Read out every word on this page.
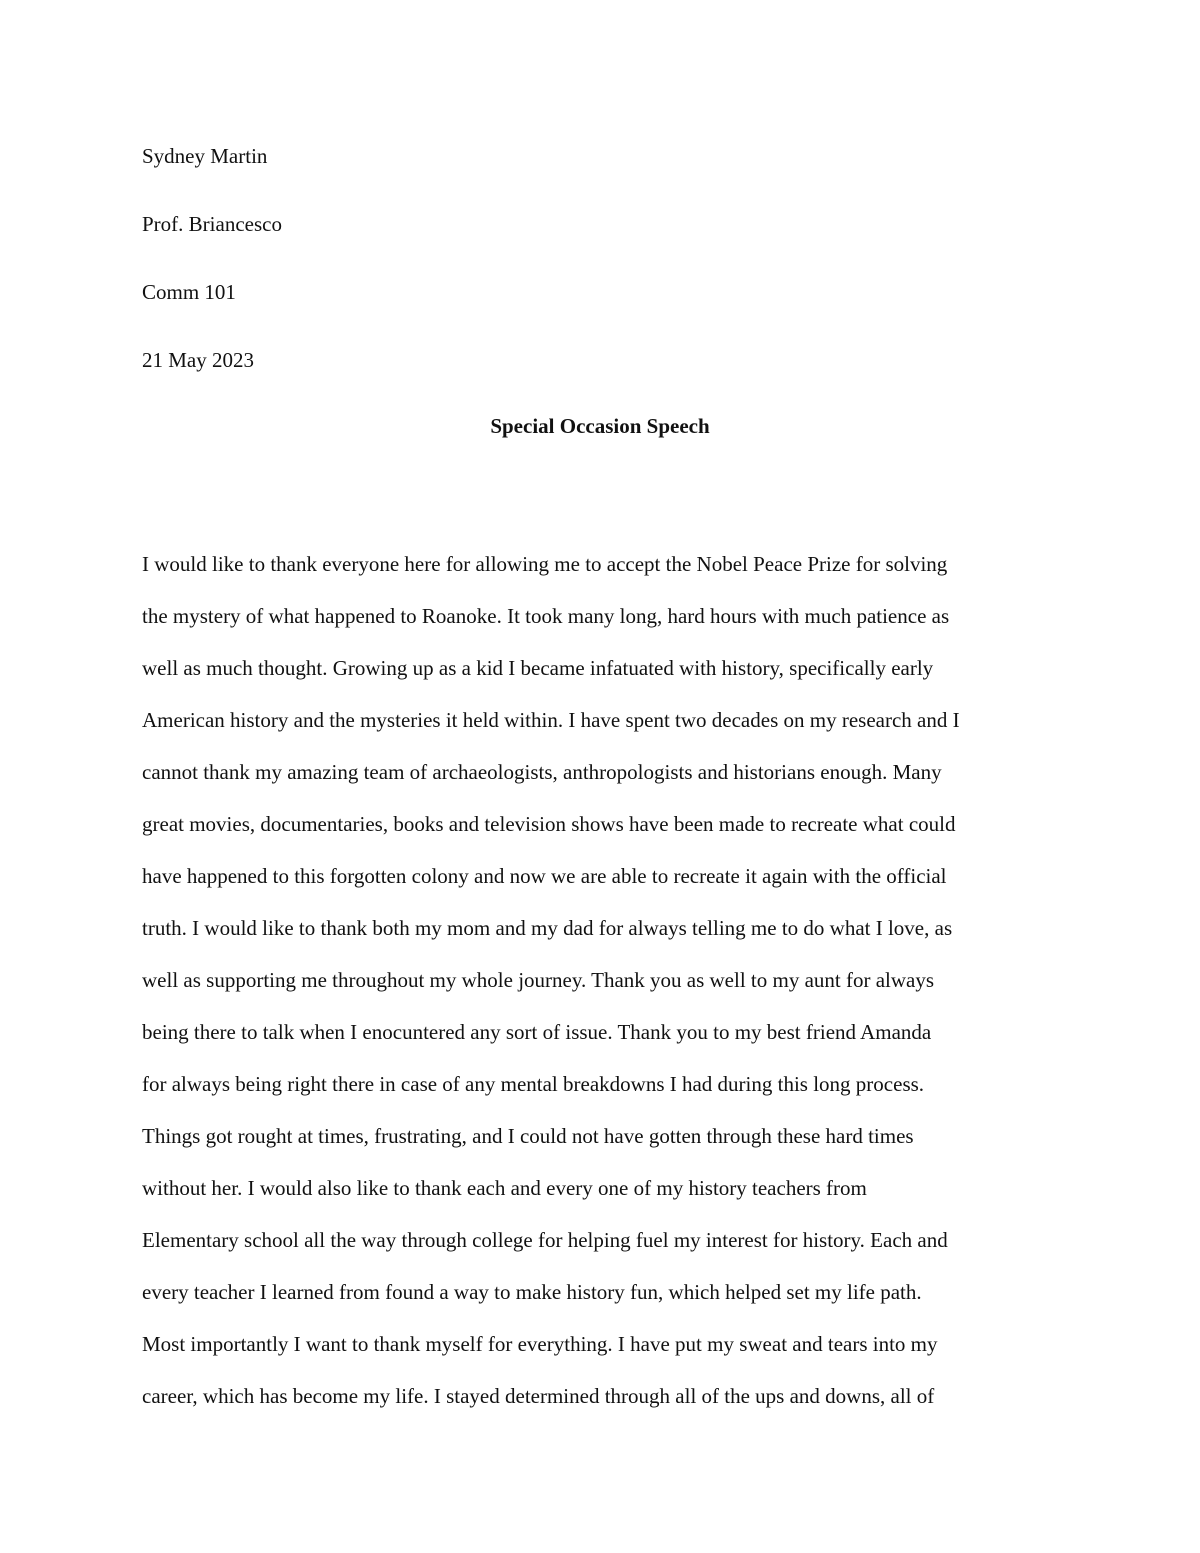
Sydney Martin
Prof. Briancesco
Comm 101
21 May 2023
Special Occasion Speech
I would like to thank everyone here for allowing me to accept the Nobel Peace Prize for solving
the mystery of what happened to Roanoke. It took many long, hard hours with much patience as
well as much thought. Growing up as a kid I became infatuated with history, specifically early
American history and the mysteries it held within. I have spent two decades on my research and I
cannot thank my amazing team of archaeologists, anthropologists and historians enough. Many
great movies, documentaries, books and television shows have been made to recreate what could
have happened to this forgotten colony and now we are able to recreate it again with the official
truth. I would like to thank both my mom and my dad for always telling me to do what I love, as
well as supporting me throughout my whole journey. Thank you as well to my aunt for always
being there to talk when I enocuntered any sort of issue. Thank you to my best friend Amanda
for always being right there in case of any mental breakdowns I had during this long process.
Things got rought at times, frustrating, and I could not have gotten through these hard times
without her. I would also like to thank each and every one of my history teachers from
Elementary school all the way through college for helping fuel my interest for history. Each and
every teacher I learned from found a way to make history fun, which helped set my life path.
Most importantly I want to thank myself for everything. I have put my sweat and tears into my
career, which has become my life. I stayed determined through all of the ups and downs, all of
